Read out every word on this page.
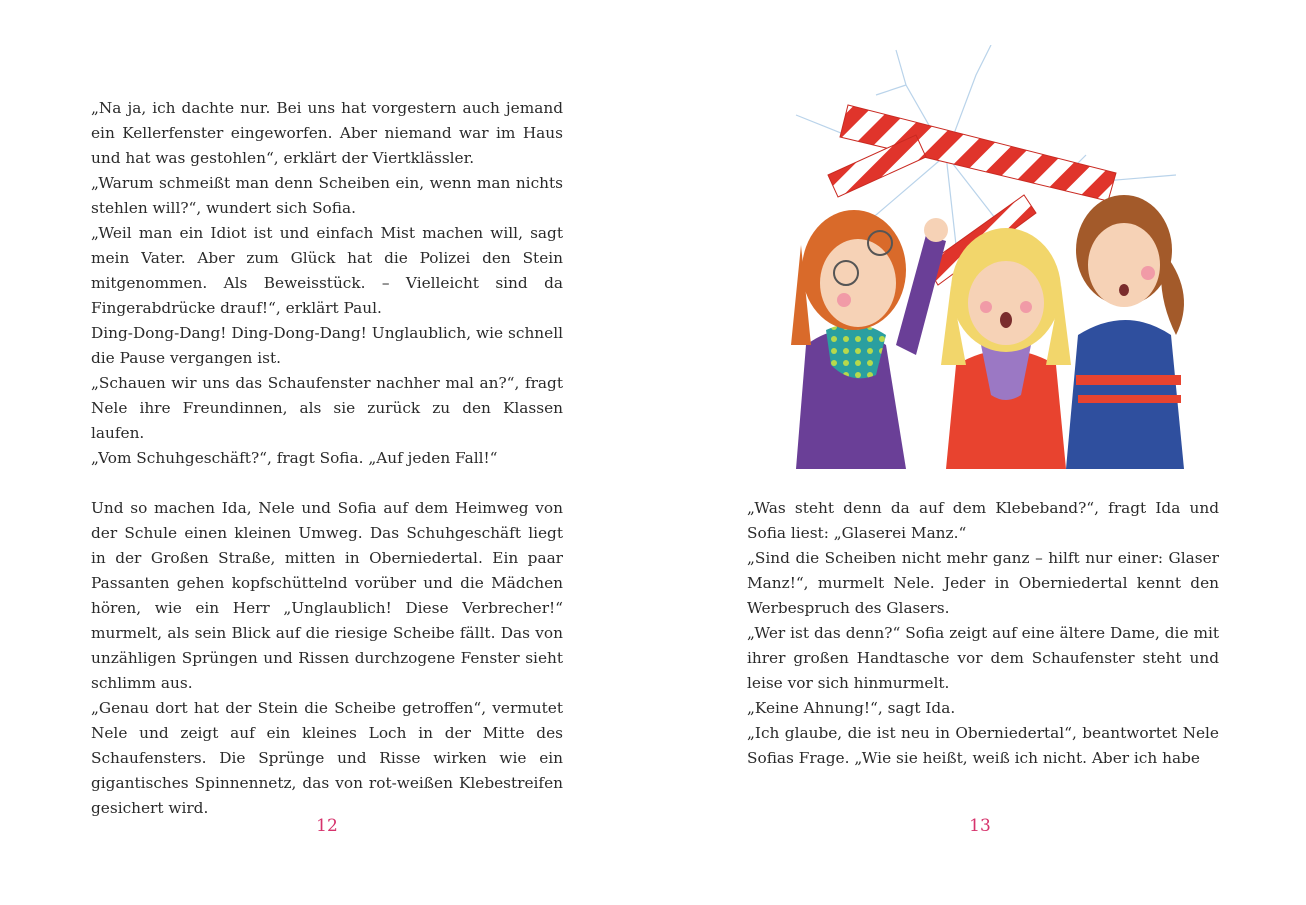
„Na ja, ich dachte nur. Bei uns hat vorgestern auch jemand ein Kellerfenster eingeworfen. Aber niemand war im Haus und hat was gestohlen“, erklärt der Viertklässler.

„Warum schmeißt man denn Scheiben ein, wenn man nichts stehlen will?“, wundert sich Sofia.

„Weil man ein Idiot ist und einfach Mist machen will, sagt mein Vater. Aber zum Glück hat die Polizei den Stein mitgenommen. Als Beweisstück. – Vielleicht sind da Fingerabdrücke drauf!“, erklärt Paul.

Ding-Dong-Dang! Ding-Dong-Dang! Unglaublich, wie schnell die Pause vergangen ist.

„Schauen wir uns das Schaufenster nachher mal an?“, fragt Nele ihre Freundinnen, als sie zurück zu den Klassen laufen.

„Vom Schuhgeschäft?“, fragt Sofia. „Auf jeden Fall!“

Und so machen Ida, Nele und Sofia auf dem Heimweg von der Schule einen kleinen Umweg. Das Schuhgeschäft liegt in der Großen Straße, mitten in Oberniedertal. Ein paar Passanten gehen kopfschüttelnd vorüber und die Mädchen hören, wie ein Herr „Unglaublich! Diese Verbrecher!“ murmelt, als sein Blick auf die riesige Scheibe fällt. Das von unzähligen Sprüngen und Rissen durchzogene Fenster sieht schlimm aus.

„Genau dort hat der Stein die Scheibe getroffen“, vermutet Nele und zeigt auf ein kleines Loch in der Mitte des Schaufensters. Die Sprünge und Risse wirken wie ein gigantisches Spinnennetz, das von rot-weißen Klebestreifen gesichert wird.

12

„Was steht denn da auf dem Klebeband?“, fragt Ida und Sofia liest: „Glaserei Manz.“

„Sind die Scheiben nicht mehr ganz – hilft nur einer: Glaser Manz!“, murmelt Nele. Jeder in Oberniedertal kennt den Werbespruch des Glasers.

„Wer ist das denn?“ Sofia zeigt auf eine ältere Dame, die mit ihrer großen Handtasche vor dem Schaufenster steht und leise vor sich hinmurmelt.

„Keine Ahnung!“, sagt Ida.

„Ich glaube, die ist neu in Oberniedertal“, beantwortet Nele Sofias Frage. „Wie sie heißt, weiß ich nicht. Aber ich habe

13
